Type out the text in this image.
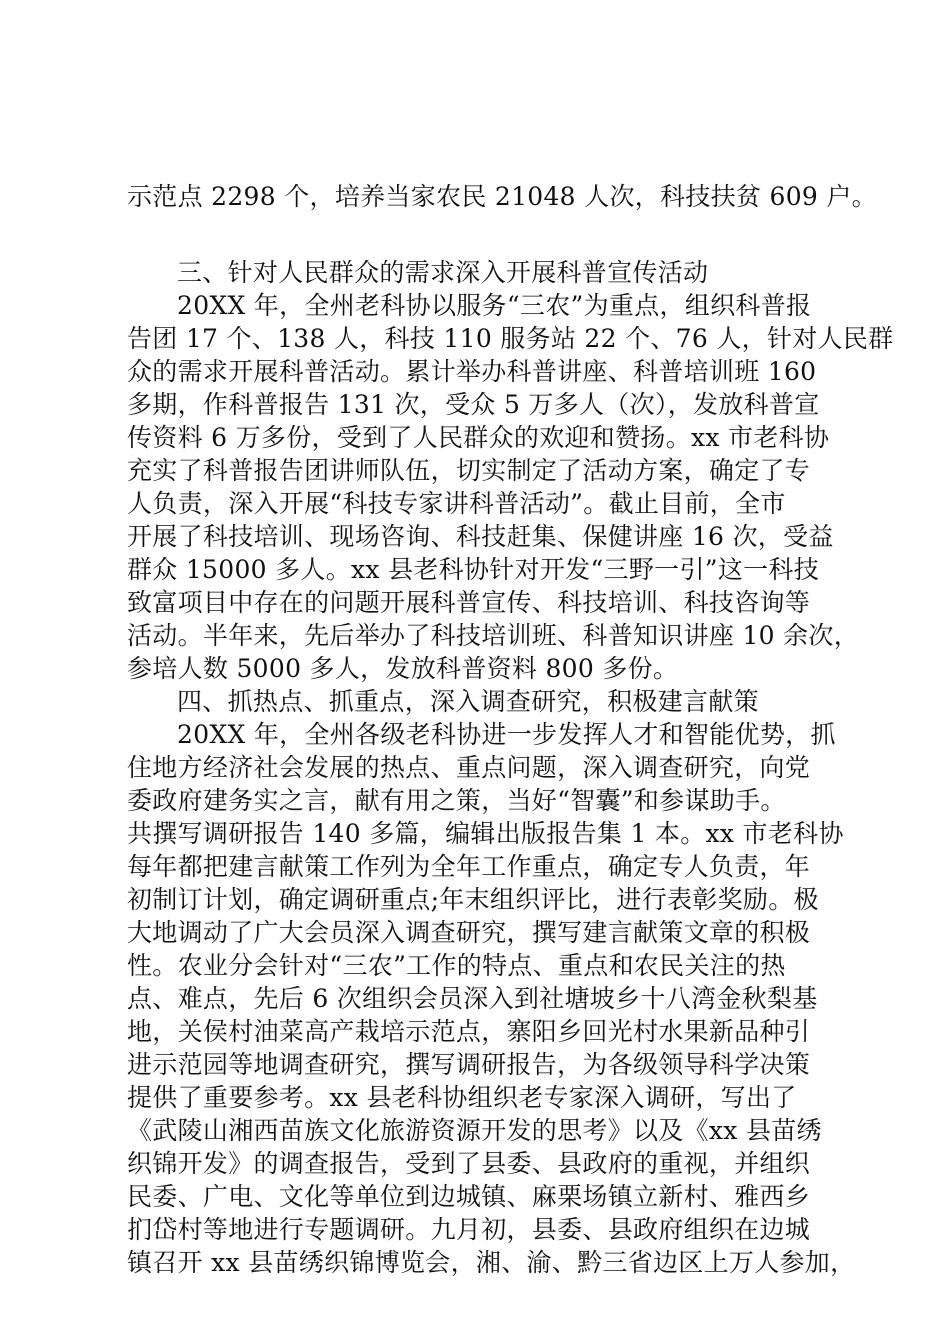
示范点 2298 个，培养当家农民 21048 人次，科技扶贫 609 户。
三、针对人民群众的需求深入开展科普宣传活动
20XX 年，全州老科协以服务“三农”为重点，组织科普报
告团 17 个、138 人，科技 110 服务站 22 个、76 人，针对人民群
众的需求开展科普活动。累计举办科普讲座、科普培训班 160
多期，作科普报告 131 次，受众 5 万多人（次），发放科普宣
传资料 6 万多份，受到了人民群众的欢迎和赞扬。xx 市老科协
充实了科普报告团讲师队伍，切实制定了活动方案，确定了专
人负责，深入开展“科技专家讲科普活动”。截止目前，全市
开展了科技培训、现场咨询、科技赶集、保健讲座 16 次，受益
群众 15000 多人。xx 县老科协针对开发“三野一引”这一科技
致富项目中存在的问题开展科普宣传、科技培训、科技咨询等
活动。半年来，先后举办了科技培训班、科普知识讲座 10 余次，
参培人数 5000 多人，发放科普资料 800 多份。
四、抓热点、抓重点，深入调查研究，积极建言献策
20XX 年，全州各级老科协进一步发挥人才和智能优势，抓
住地方经济社会发展的热点、重点问题，深入调查研究，向党
委政府建务实之言，献有用之策，当好“智囊”和参谋助手。
共撰写调研报告 140 多篇，编辑出版报告集 1 本。xx 市老科协
每年都把建言献策工作列为全年工作重点，确定专人负责，年
初制订计划，确定调研重点;年末组织评比，进行表彰奖励。极
大地调动了广大会员深入调查研究，撰写建言献策文章的积极
性。农业分会针对“三农”工作的特点、重点和农民关注的热
点、难点，先后 6 次组织会员深入到社塘坡乡十八湾金秋梨基
地，关侯村油菜高产栽培示范点，寨阳乡回光村水果新品种引
进示范园等地调查研究，撰写调研报告，为各级领导科学决策
提供了重要参考。xx 县老科协组织老专家深入调研，写出了
《武陵山湘西苗族文化旅游资源开发的思考》以及《xx 县苗绣
织锦开发》的调查报告，受到了县委、县政府的重视，并组织
民委、广电、文化等单位到边城镇、麻栗场镇立新村、雅西乡
扪岱村等地进行专题调研。九月初，县委、县政府组织在边城
镇召开 xx 县苗绣织锦博览会，湘、渝、黔三省边区上万人参加，
